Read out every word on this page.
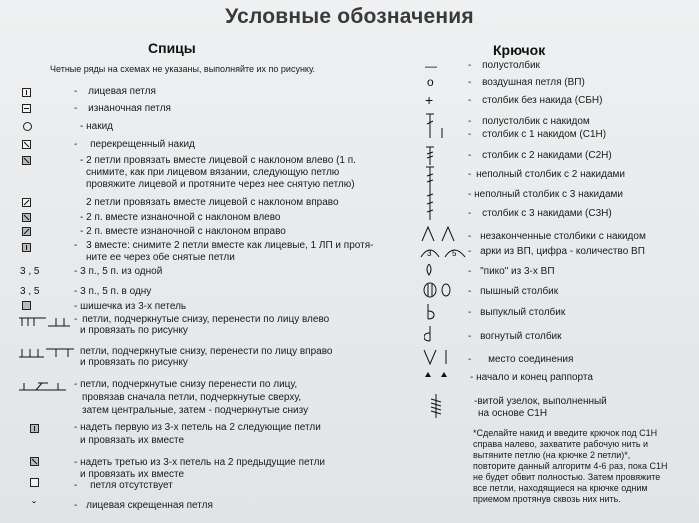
Условные обозначения
Спицы
Четные ряды на схемах не указаны, выполняйте их по рисунку.
3 , 5
3 , 5
ˇ
- лицевая петля
- изнаночная петля
- накид
- перекрещенный накид
- 2 петли провязать вместе лицевой с наклоном влево (1 п.
снимите, как при лицевом вязании, следующую петлю
провяжите лицевой и протяните через нее снятую петлю)
2 петли провязать вместе лицевой с наклоном вправо
- 2 п. вместе изнаночной с наклоном влево
- 2 п. вместе изнаночной с наклоном вправо
- 3 вместе: снимите 2 петли вместе как лицевые, 1 ЛП и протя-
ните ее через обе снятые петли
- 3 п., 5 п. из одной
- 3 п., 5 п. в одну
- шишечка из 3-х петель
- петли, подчеркнутые снизу, перенести по лицу влево
и провязать по рисунку
петли, подчеркнутые снизу, перенести по лицу вправо
и провязать по рисунку
- петли, подчеркнутые снизу перенести по лицу,
провязав сначала петли, подчеркнутые сверху,
затем центральные, затем - подчеркнутые снизу
- надеть первую из 3-х петель на 2 следующие петли
и провязать их вместе
- надеть третью из 3-х петель на 2 предыдущие петли
и провязать их вместе
- петля отсутствует
- лицевая скрещенная петля
Крючок
—
o
+
3	5
- полустолбик
- воздушная петля (ВП)
- столбик без накида (СБН)
- полустолбик с накидом
- столбик с 1 накидом (С1Н)
- столбик с 2 накидами (С2Н)
- неполный столбик с 2 накидами
- неполный столбик с 3 накидами
- столбик с 3 накидами (С3Н)
- незаконченные столбики с накидом
- арки из ВП, цифра - количество ВП
- "пико" из 3-х ВП
- пышный столбик
- выпуклый столбик
- вогнутый столбик
- место соединения
- начало и конец раппорта
-витой узелок, выполненный
на основе С1Н
*Сделайте накид и введите крючок под С1Н справа налево, захватите рабочую нить и вытяните петлю (на крючке 2 петли)*, повторите данный алгоритм 4-6 раз, пока С1Н не будет обвит полностью. Затем провяжите все петли, находящиеся на крючке одним приемом протянув сквозь них нить.
